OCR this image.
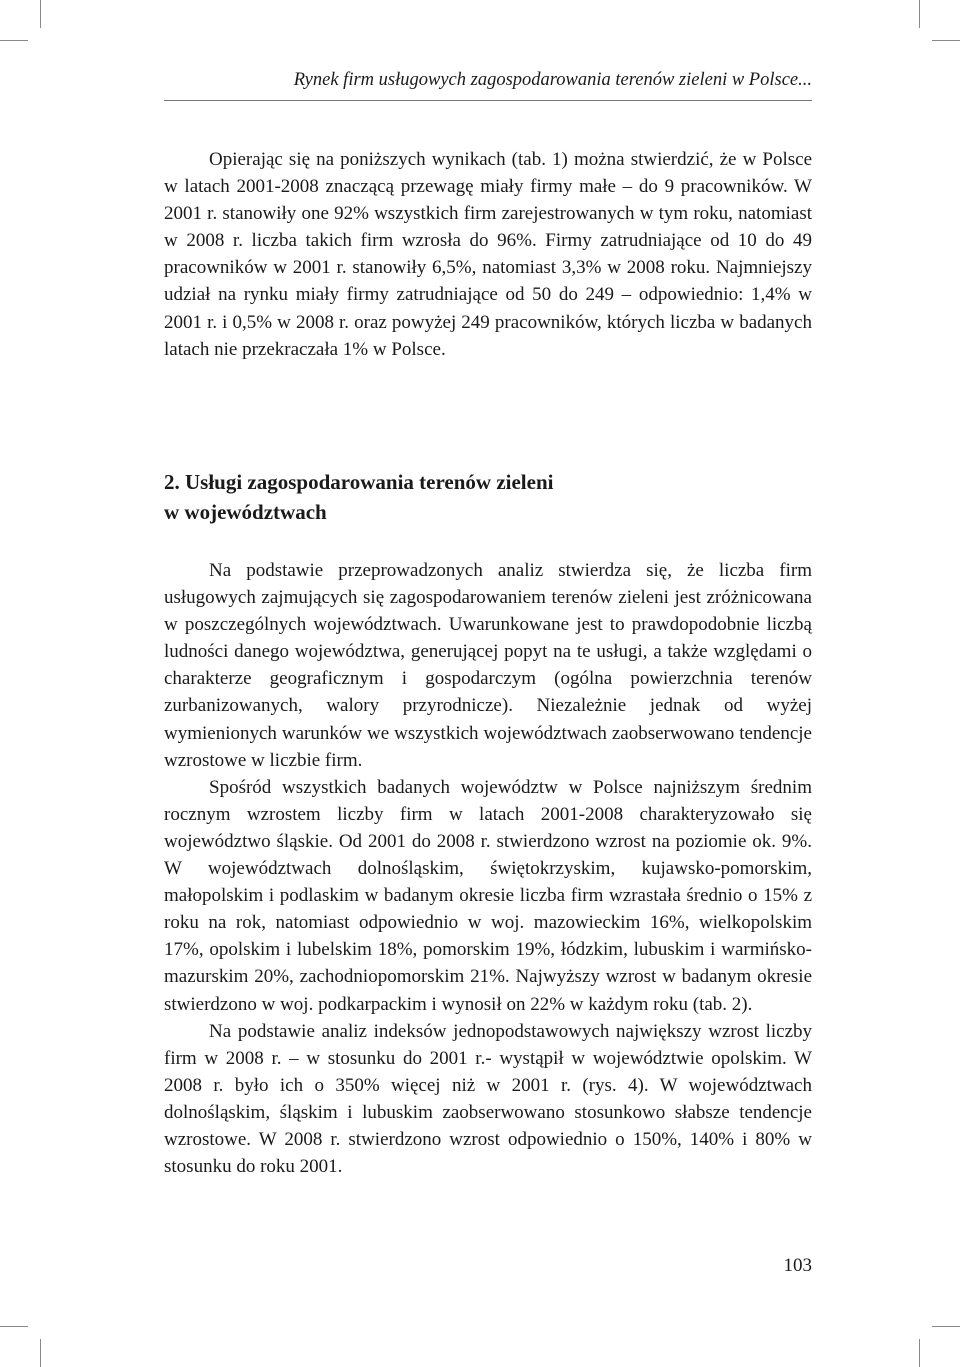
Rynek firm usługowych zagospodarowania terenów zieleni w Polsce...

Opierając się na poniższych wynikach (tab. 1) można stwierdzić, że w Polsce w latach 2001-2008 znaczącą przewagę miały firmy małe – do 9 pracowników. W 2001 r. stanowiły one 92% wszystkich firm zarejestrowanych w tym roku, natomiast w 2008 r. liczba takich firm wzrosła do 96%. Firmy zatrudniające od 10 do 49 pracowników w 2001 r. stanowiły 6,5%, natomiast 3,3% w 2008 roku. Najmniejszy udział na rynku miały firmy zatrudniające od 50 do 249 – odpowiednio: 1,4% w 2001 r. i 0,5% w 2008 r. oraz powyżej 249 pracowników, których liczba w badanych latach nie przekraczała 1% w Polsce.

2. Usługi zagospodarowania terenów zieleni
w województwach

Na podstawie przeprowadzonych analiz stwierdza się, że liczba firm usługowych zajmujących się zagospodarowaniem terenów zieleni jest zróżnicowana w poszczególnych województwach. Uwarunkowane jest to prawdopodobnie liczbą ludności danego województwa, generującej popyt na te usługi, a także względami o charakterze geograficznym i gospodarczym (ogólna powierzchnia terenów zurbanizowanych, walory przyrodnicze). Niezależnie jednak od wyżej wymienionych warunków we wszystkich województwach zaobserwowano tendencje wzrostowe w liczbie firm.

Spośród wszystkich badanych województw w Polsce najniższym średnim rocznym wzrostem liczby firm w latach 2001-2008 charakteryzowało się województwo śląskie. Od 2001 do 2008 r. stwierdzono wzrost na poziomie ok. 9%. W województwach dolnośląskim, świętokrzyskim, kujawsko-pomorskim, małopolskim i podlaskim w badanym okresie liczba firm wzrastała średnio o 15% z roku na rok, natomiast odpowiednio w woj. mazowieckim 16%, wielkopolskim 17%, opolskim i lubelskim 18%, pomorskim 19%, łódzkim, lubuskim i warmińsko-mazurskim 20%, zachodniopomorskim 21%. Najwyższy wzrost w badanym okresie stwierdzono w woj. podkarpackim i wynosił on 22% w każdym roku (tab. 2).

Na podstawie analiz indeksów jednopodstawowych największy wzrost liczby firm w 2008 r. – w stosunku do 2001 r.- wystąpił w województwie opolskim. W 2008 r. było ich o 350% więcej niż w 2001 r. (rys. 4). W województwach dolnośląskim, śląskim i lubuskim zaobserwowano stosunkowo słabsze tendencje wzrostowe. W 2008 r. stwierdzono wzrost odpowiednio o 150%, 140% i 80% w stosunku do roku 2001.

103
